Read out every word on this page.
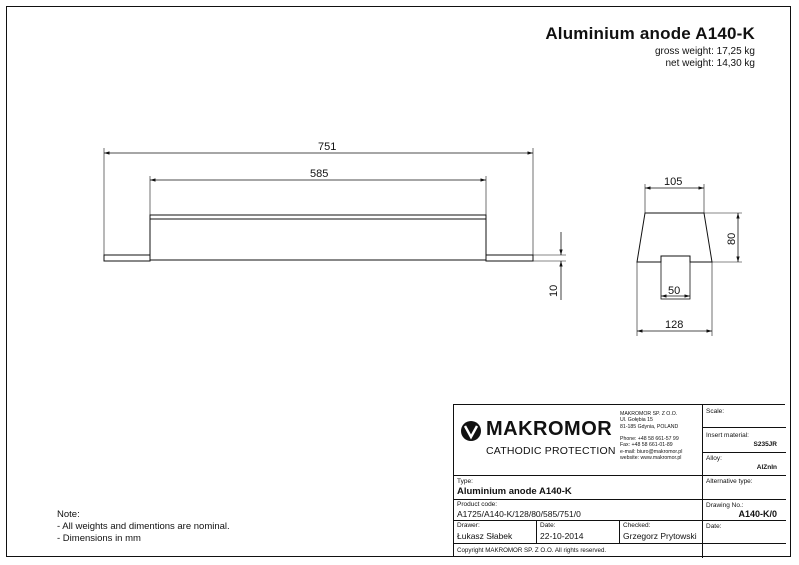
Aluminium anode A140-K
gross weight: 17,25 kg
net weight: 14,30 kg
751
585
10
105
80
50
128
Note:
- All weights and dimentions are nominal.
- Dimensions in mm
MAKROMOR
CATHODIC PROTECTION
MAKROMOR SP. Z O.O.
Ul. Gołębia 15
81-185 Gdynia, POLAND

Phone: +48 58 661-57 99
Fax: +48 58 661-01-89
e-mail: biuro@makromor.pl
website: www.makromor.pl
Scale:
Insert material:
S235JR
Alloy:
AlZnIn
Alternative type:
Drawing No.:
A140-K/0
Date:
Type:
Aluminium anode A140-K
Product code:
A1725/A140-K/128/80/585/751/0
Drawer:
Łukasz Słabek
Date:
22-10-2014
Checked:
Grzegorz Prytowski
Copyright MAKROMOR SP. Z O.O. All rights reserved.
